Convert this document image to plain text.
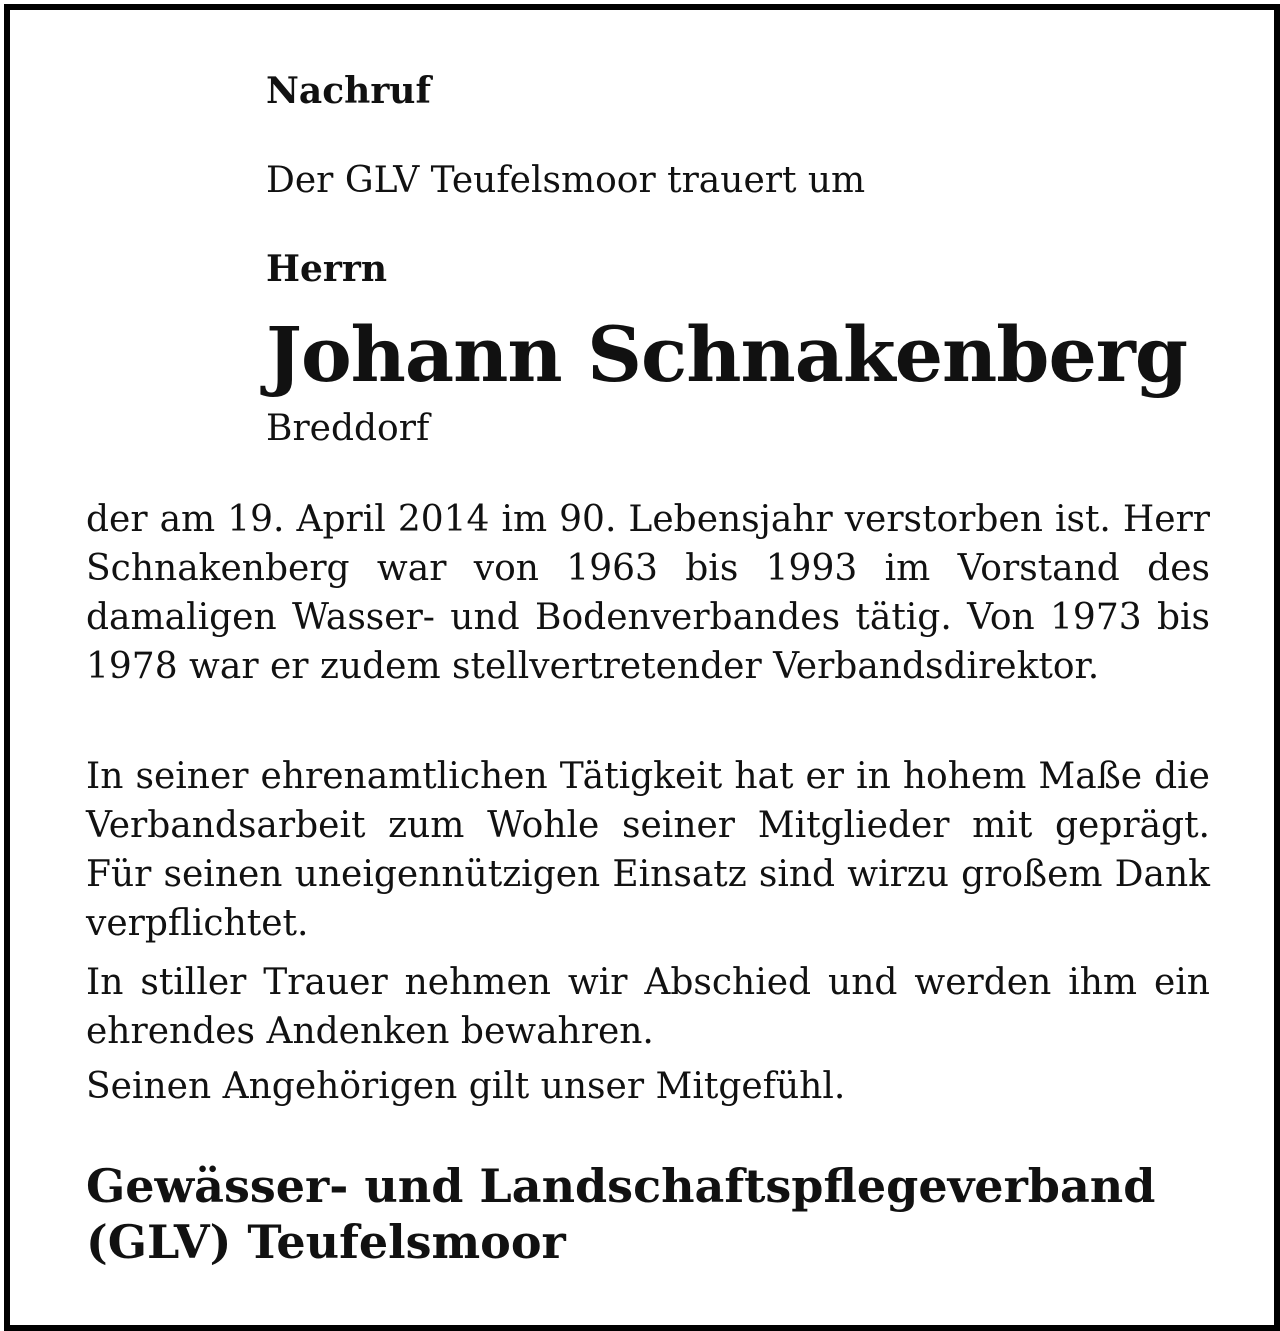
Nachruf
Der GLV Teufelsmoor trauert um
Herrn
Johann Schnakenberg
Breddorf
der am 19. April 2014 im 90. Lebensjahr verstorben ist. Herr Schnakenberg war von 1963 bis 1993 im Vorstand des damaligen Wasser- und Bodenverbandes tätig. Von 1973 bis 1978 war er zudem stellvertretender Verbandsdirektor.
In seiner ehrenamtlichen Tätigkeit hat er in hohem Maße die Verbandsarbeit zum Wohle seiner Mitglieder mit geprägt. Für seinen uneigennützigen Einsatz sind wirzu großem Dank verpflichtet.
In stiller Trauer nehmen wir Abschied und werden ihm ein ehrendes Andenken bewahren.
Seinen Angehörigen gilt unser Mitgefühl.
Gewässer- und Landschaftspflegeverband
(GLV) Teufelsmoor
